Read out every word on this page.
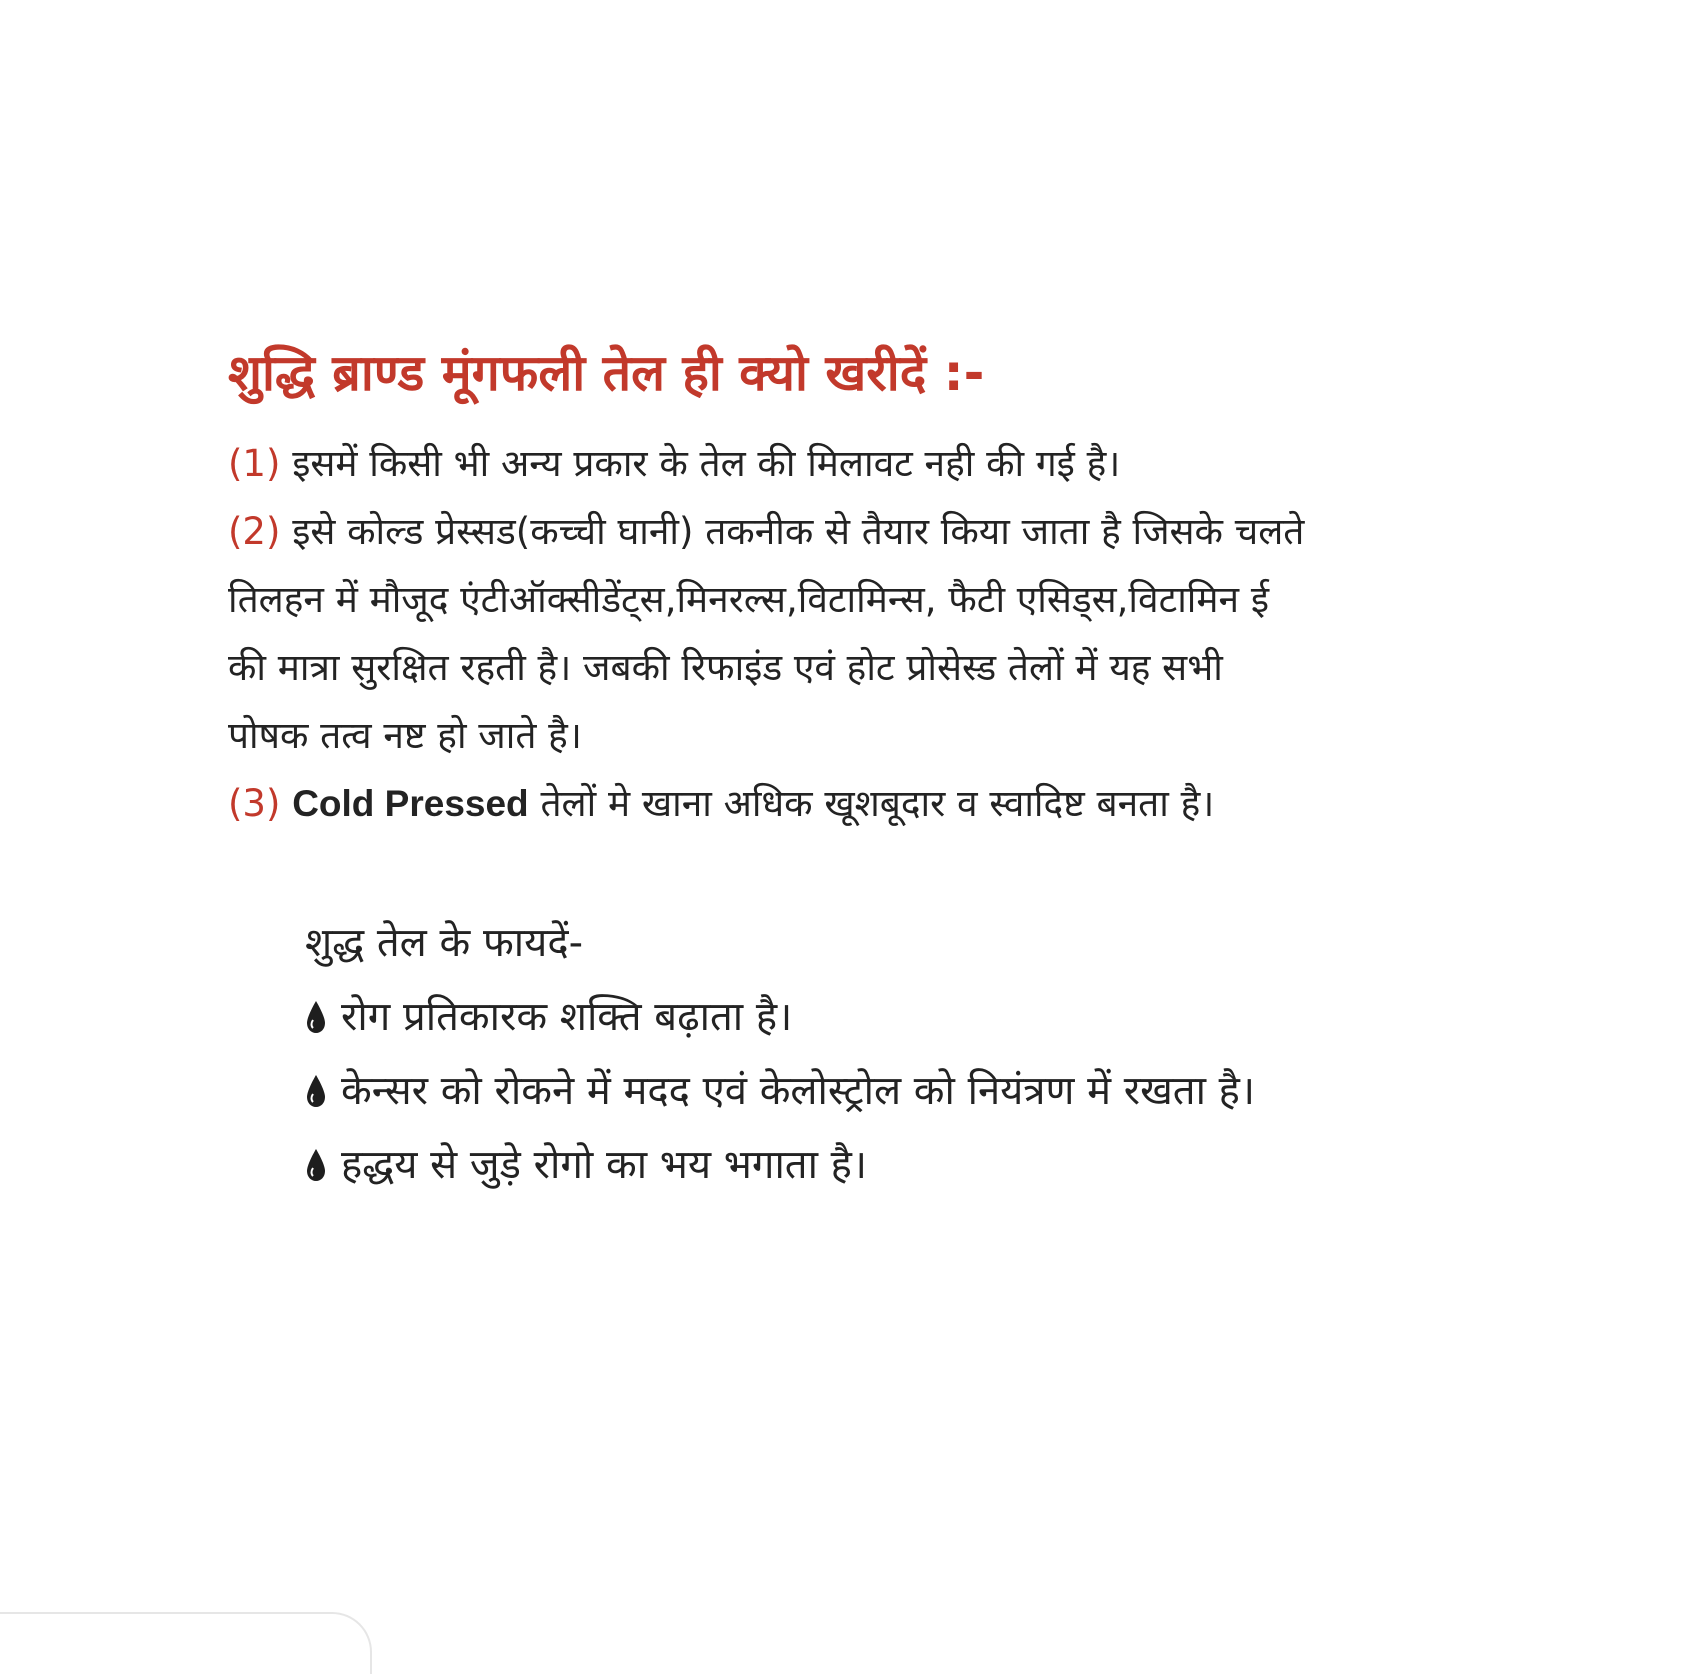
शुद्धि ब्राण्ड मूंगफली तेल ही क्यो खरीदें :-
(1) इसमें किसी भी अन्य प्रकार के तेल की मिलावट नही की गई है।
(2) इसे कोल्ड प्रेस्सड(कच्ची घानी) तकनीक से तैयार किया जाता है जिसके चलते
तिलहन में मौजूद एंटीऑक्सीडेंट्स,मिनरल्स,विटामिन्स, फैटी एसिड्स,विटामिन ई
की मात्रा सुरक्षित रहती है। जबकी रिफाइंड एवं होट प्रोसेस्ड तेलों में यह सभी
पोषक तत्व नष्ट हो जाते है।
(3) Cold Pressed तेलों मे खाना अधिक खूशबूदार व स्वादिष्ट बनता है।
शुद्ध तेल के फायदें-
रोग प्रतिकारक शक्ति बढ़ाता है।
केन्सर को रोकने में मदद एवं केलोस्ट्रोल को नियंत्रण में रखता है।
हद्धय से जुड़े रोगो का भय भगाता है।
